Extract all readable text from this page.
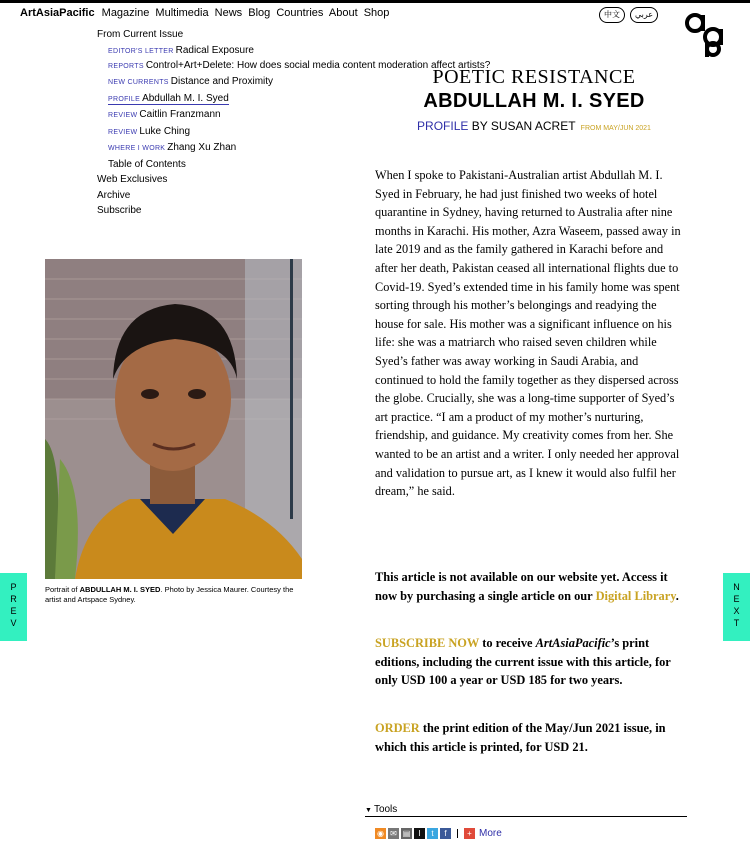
ArtAsiaPacific Magazine Multimedia News Blog Countries About Shop	中文	عربي
From Current Issue
EDITOR'S LETTER Radical Exposure
REPORTS Control+Art+Delete: How does social media content moderation affect artists?
NEW CURRENTS Distance and Proximity
PROFILE Abdullah M. I. Syed
REVIEW Caitlin Franzmann
REVIEW Luke Ching
WHERE I WORK Zhang Xu Zhan
Table of Contents
Web Exclusives
Archive
Subscribe
Portrait of ABDULLAH M. I. SYED. Photo by Jessica Maurer. Courtesy the artist and Artspace Sydney.
POETIC RESISTANCE
ABDULLAH M. I. SYED
PROFILE BY SUSAN ACRET FROM MAY/JUN 2021
When I spoke to Pakistani-Australian artist Abdullah M. I. Syed in February, he had just finished two weeks of hotel quarantine in Sydney, having returned to Australia after nine months in Karachi. His mother, Azra Waseem, passed away in late 2019 and as the family gathered in Karachi before and after her death, Pakistan ceased all international flights due to Covid-19. Syed’s extended time in his family home was spent sorting through his mother’s belongings and readying the house for sale. His mother was a significant influence on his life: she was a matriarch who raised seven children while Syed’s father was away working in Saudi Arabia, and continued to hold the family together as they dispersed across the globe. Crucially, she was a long-time supporter of Syed’s art practice. “I am a product of my mother’s nurturing, friendship, and guidance. My creativity comes from her. She wanted to be an artist and a writer. I only needed her approval and validation to pursue art, as I knew it would also fulfil her dream,” he said.
This article is not available on our website yet. Access it now by purchasing a single article on our Digital Library.
SUBSCRIBE NOW to receive ArtAsiaPacific’s print editions, including the current issue with this article, for only USD 100 a year or USD 185 for two years.
ORDER the print edition of the May/Jun 2021 issue, in which this article is printed, for USD 21.
▼ Tools
◉ ✉ ▤	I	t	f	+ More
P
R
E
V
N
E
X
T
